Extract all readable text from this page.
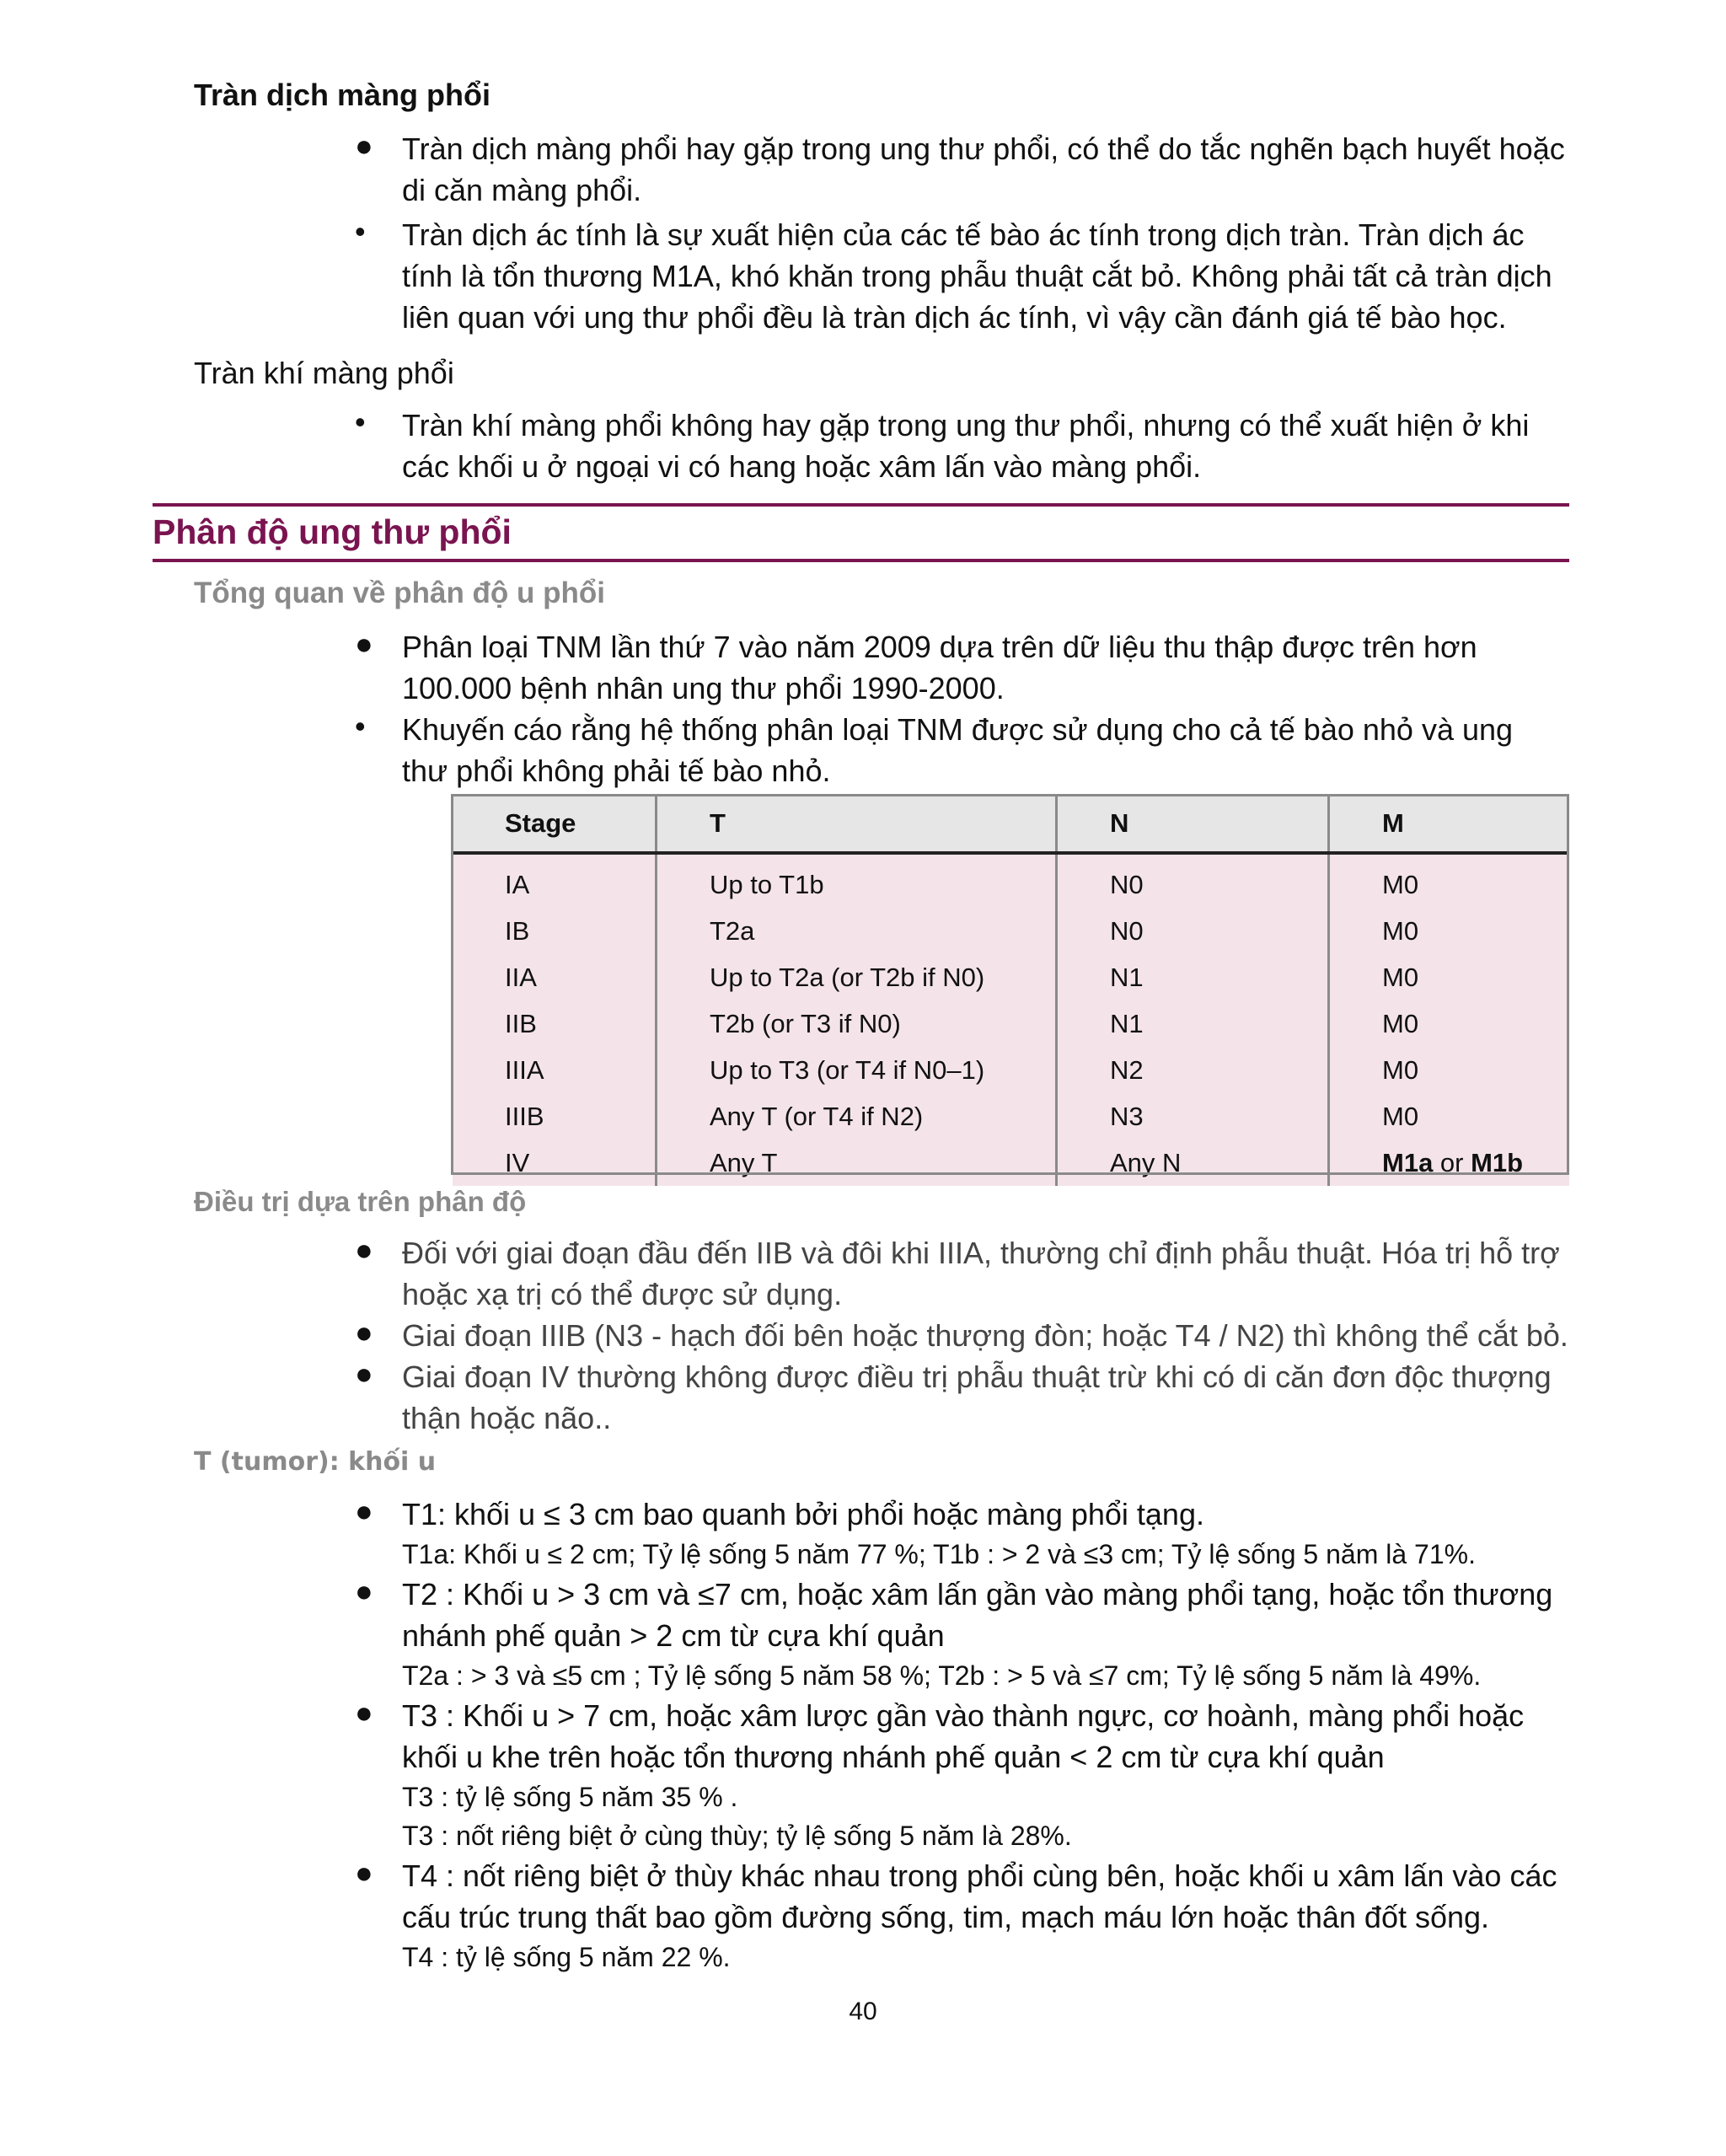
Tràn dịch màng phổi
● Tràn dịch màng phổi hay gặp trong ung thư phổi, có thể do tắc nghẽn bạch huyết hoặc di căn màng phổi.
• Tràn dịch ác tính là sự xuất hiện của các tế bào ác tính trong dịch tràn. Tràn dịch ác tính là tổn thương M1A, khó khăn trong phẫu thuật cắt bỏ. Không phải tất cả tràn dịch liên quan với ung thư phổi đều là tràn dịch ác tính, vì vậy cần đánh giá tế bào học.
Tràn khí màng phổi
• Tràn khí màng phổi không hay gặp trong ung thư phổi, nhưng có thể xuất hiện ở khi các khối u ở ngoại vi có hang hoặc xâm lấn vào màng phổi.
Phân độ ung thư phổi
Tổng quan về phân độ u phổi
● Phân loại TNM lần thứ 7 vào năm 2009 dựa trên dữ liệu thu thập được trên hơn 100.000 bệnh nhân ung thư phổi 1990-2000.
• Khuyến cáo rằng hệ thống phân loại TNM được sử dụng cho cả tế bào nhỏ và ung thư phổi không phải tế bào nhỏ.
Stage	T	N	M
IA	Up to T1b	N0	M0
IB	T2a	N0	M0
IIA	Up to T2a (or T2b if N0)	N1	M0
IIB	T2b (or T3 if N0)	N1	M0
IIIA	Up to T3 (or T4 if N0–1)	N2	M0
IIIB	Any T (or T4 if N2)	N3	M0
IV	Any T	Any N	M1a or M1b
Điều trị dựa trên phân độ
● Đối với giai đoạn đầu đến IIB và đôi khi IIIA, thường chỉ định phẫu thuật. Hóa trị hỗ trợ hoặc xạ trị có thể được sử dụng.
● Giai đoạn IIIB (N3 - hạch đối bên hoặc thượng đòn; hoặc T4 / N2) thì không thể cắt bỏ.
● Giai đoạn IV thường không được điều trị phẫu thuật trừ khi có di căn đơn độc thượng thận hoặc não..
T (tumor): khối u
● T1: khối u ≤ 3 cm bao quanh bởi phổi hoặc màng phổi tạng.
T1a: Khối u ≤ 2 cm; Tỷ lệ sống 5 năm 77 %; T1b : > 2 và ≤3 cm; Tỷ lệ sống 5 năm là 71%.
● T2 : Khối u > 3 cm và ≤7 cm, hoặc xâm lấn gần vào màng phổi tạng, hoặc tổn thương nhánh phế quản > 2 cm từ cựa khí quản
T2a : > 3 và ≤5 cm ; Tỷ lệ sống 5 năm 58 %; T2b : > 5 và ≤7 cm; Tỷ lệ sống 5 năm là 49%.
● T3 : Khối u > 7 cm, hoặc xâm lược gần vào thành ngực, cơ hoành, màng phổi hoặc khối u khe trên hoặc tổn thương nhánh phế quản < 2 cm từ cựa khí quản
T3 : tỷ lệ sống 5 năm 35 % .
T3 : nốt riêng biệt ở cùng thùy; tỷ lệ sống 5 năm là 28%.
● T4 : nốt riêng biệt ở thùy khác nhau trong phổi cùng bên, hoặc khối u xâm lấn vào các cấu trúc trung thất bao gồm đường sống, tim, mạch máu lớn hoặc thân đốt sống.
T4 : tỷ lệ sống 5 năm 22 %.
40
